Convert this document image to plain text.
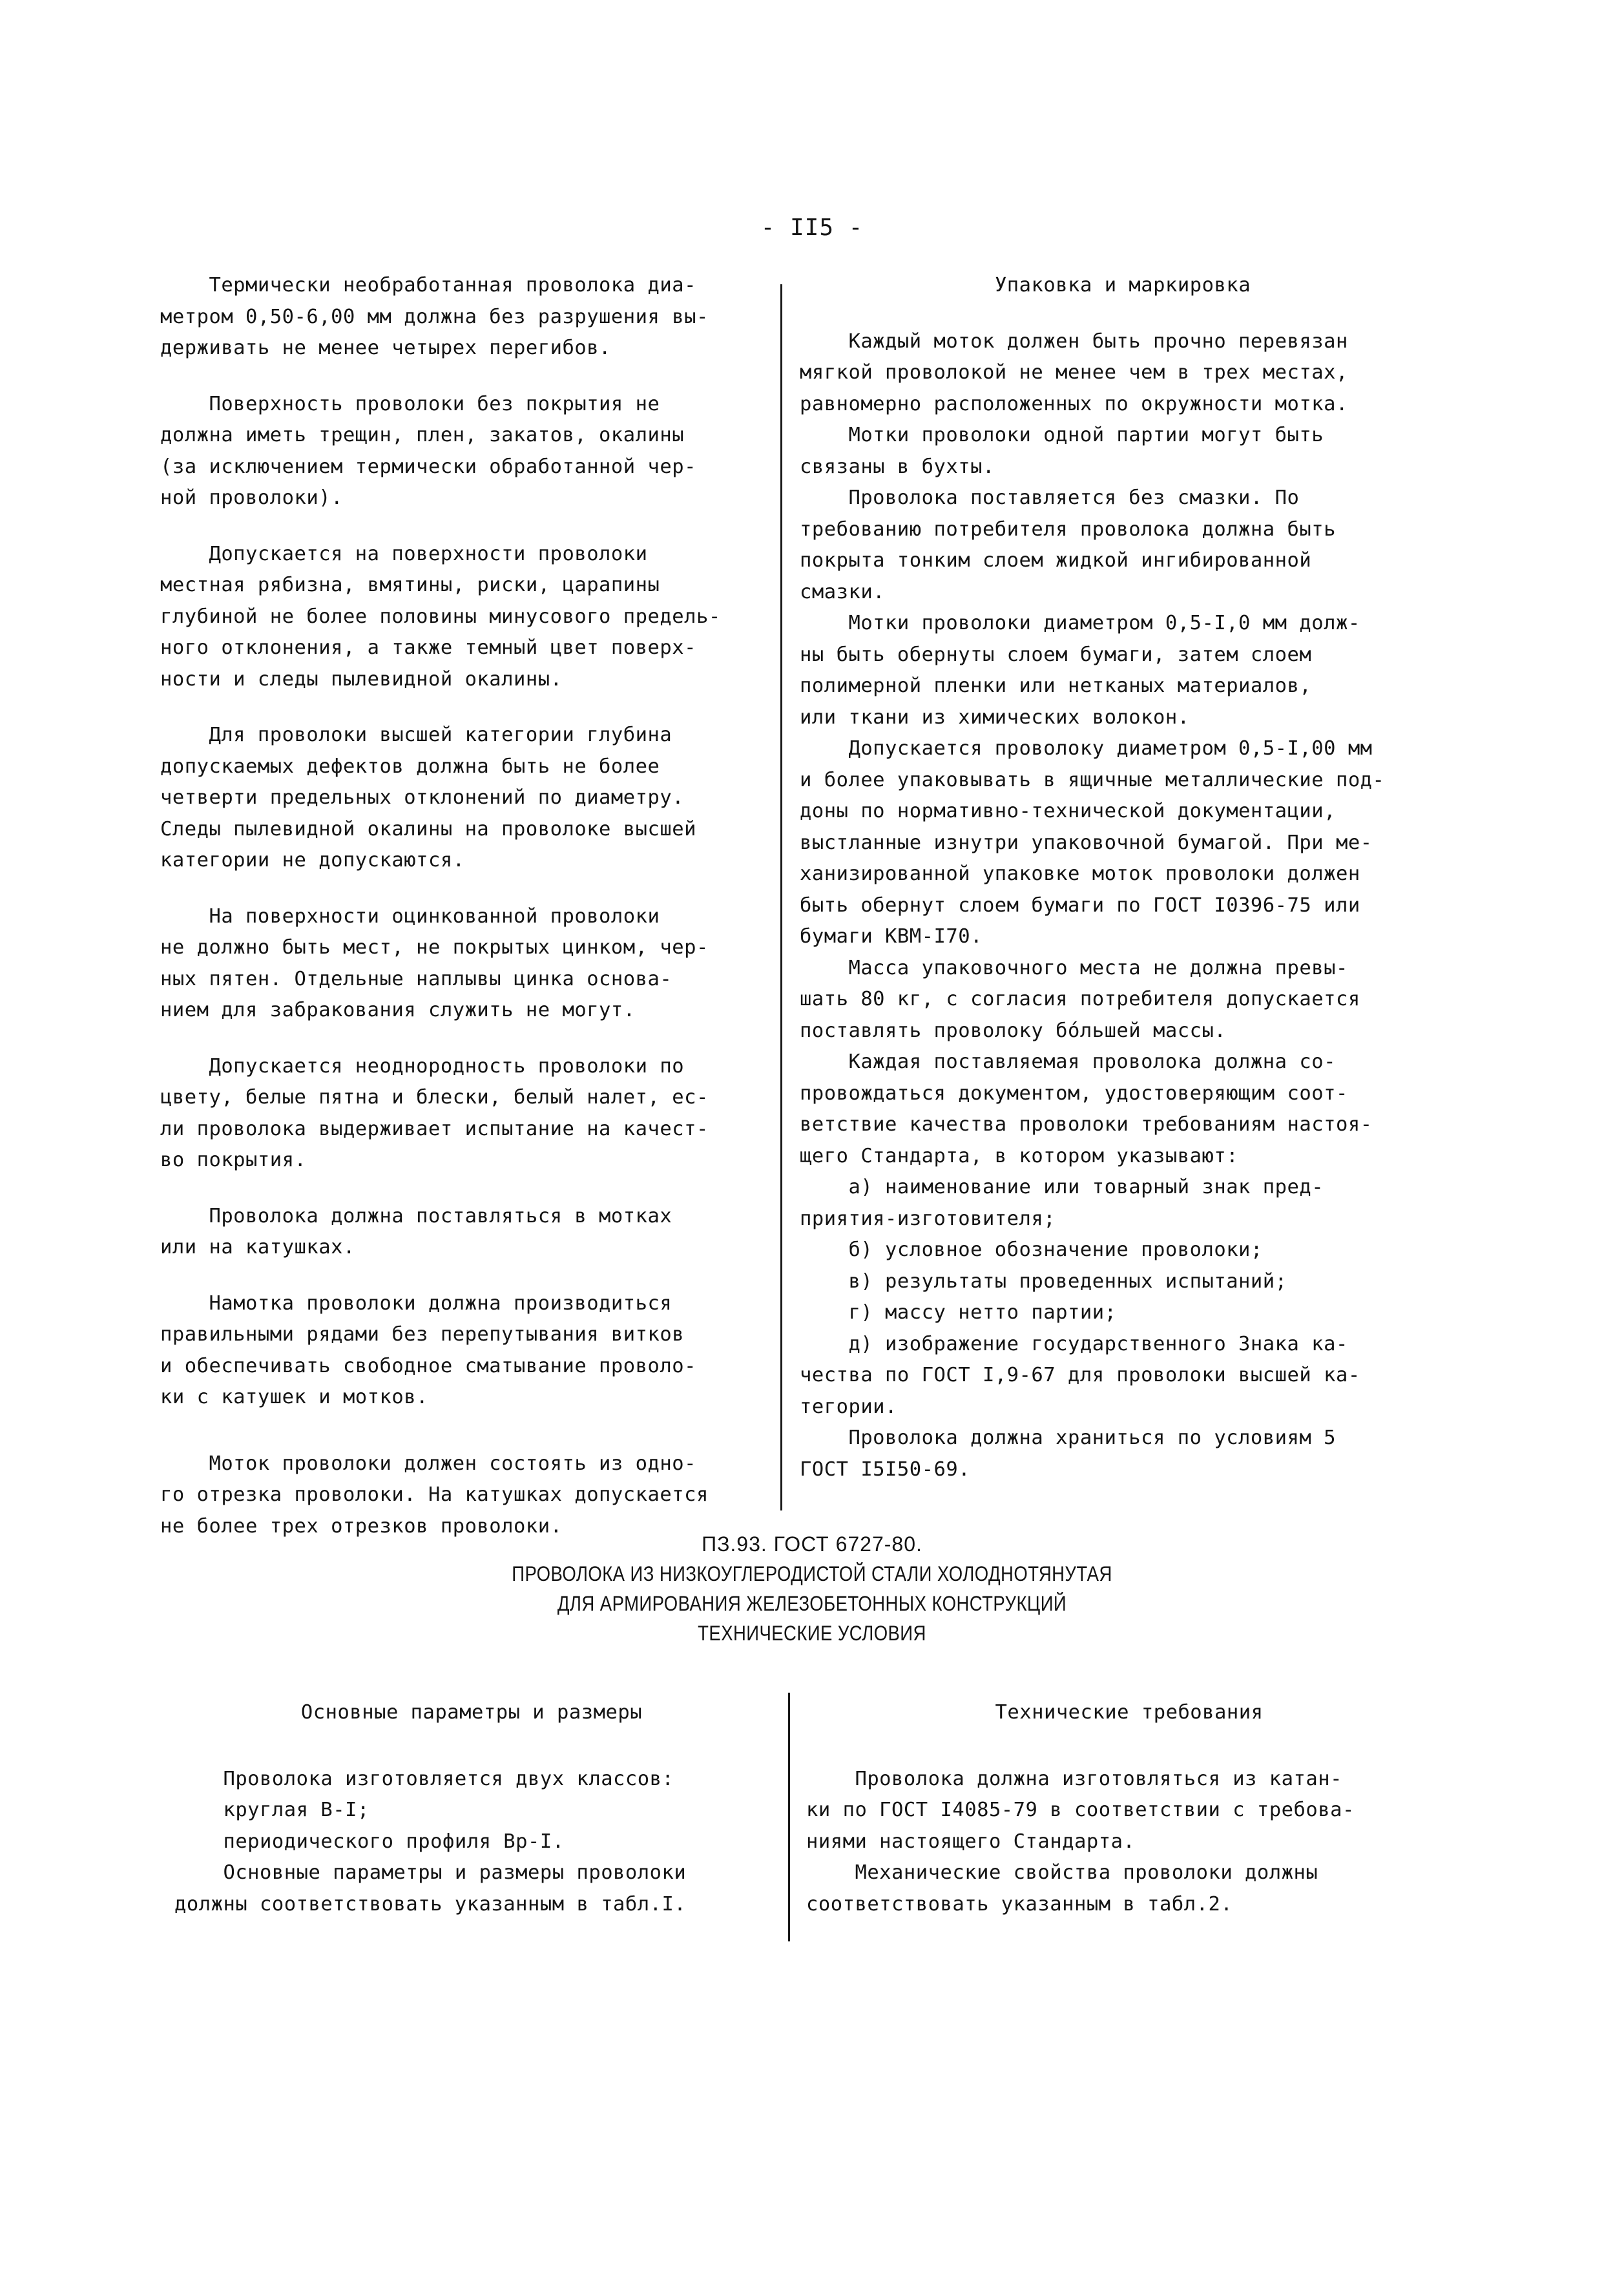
- II5 -

Термически необработанная проволока диа-

метром 0,50-6,00 мм должна без разрушения вы-

держивать не менее четырех перегибов.

Поверхность проволоки без покрытия не

должна иметь трещин, плен, закатов, окалины

(за исключением термически обработанной чер-

ной проволоки).

Допускается на поверхности проволоки

местная рябизна, вмятины, риски, царапины

глубиной не более половины минусового предель-

ного отклонения, а также темный цвет поверх-

ности и следы пылевидной окалины.

Для проволоки высшей категории глубина

допускаемых дефектов должна быть не более

четверти предельных отклонений по диаметру.

Следы пылевидной окалины на проволоке высшей

категории не допускаются.

На поверхности оцинкованной проволоки

не должно быть мест, не покрытых цинком, чер-

ных пятен. Отдельные наплывы цинка основа-

нием для забракования служить не могут.

Допускается неоднородность проволоки по

цвету, белые пятна и блески, белый налет, ес-

ли проволока выдерживает испытание на качест-

во покрытия.

Проволока должна поставляться в мотках

или на катушках.

Намотка проволоки должна производиться

правильными рядами без перепутывания витков

и обеспечивать свободное сматывание проволо-

ки с катушек и мотков.

Моток проволоки должен состоять из одно-

го отрезка проволоки. На катушках допускается

не более трех отрезков проволоки.

Упаковка и маркировка

Каждый моток должен быть прочно перевязан

мягкой проволокой не менее чем в трех местах,

равномерно расположенных по окружности мотка.

Мотки проволоки одной партии могут быть

связаны в бухты.

Проволока поставляется без смазки. По

требованию потребителя проволока должна быть

покрыта тонким слоем жидкой ингибированной

смазки.

Мотки проволоки диаметром 0,5-I,0 мм долж-

ны быть обернуты слоем бумаги, затем слоем

полимерной пленки или нетканых материалов,

или ткани из химических волокон.

Допускается проволоку диаметром 0,5-I,00 мм

и более упаковывать в ящичные металлические под-

доны по нормативно-технической документации,

выстланные изнутри упаковочной бумагой. При ме-

ханизированной упаковке моток проволоки должен

быть обернут слоем бумаги по ГОСТ I0396-75 или

бумаги КВМ-I70.

Масса упаковочного места не должна превы-

шать 80 кг, с согласия потребителя допускается

поставлять проволоку бóльшей массы.

Каждая поставляемая проволока должна со-

провождаться документом, удостоверяющим соот-

ветствие качества проволоки требованиям настоя-

щего Стандарта, в котором указывают:

а) наименование или товарный знак пред-

приятия-изготовителя;

б) условное обозначение проволоки;

в) результаты проведенных испытаний;

г) массу нетто партии;

д) изображение государственного Знака ка-

чества по ГОСТ I,9-67 для проволоки высшей ка-

тегории.

Проволока должна храниться по условиям 5

ГОСТ I5I50-69.

ПЗ.93. ГОСТ 6727-80.
ПРОВОЛОКА ИЗ НИЗКОУГЛЕРОДИСТОЙ СТАЛИ ХОЛОДНОТЯНУТАЯ
ДЛЯ АРМИРОВАНИЯ ЖЕЛЕЗОБЕТОННЫХ КОНСТРУКЦИЙ
ТЕХНИЧЕСКИЕ УСЛОВИЯ

Основные параметры и размеры

Проволока изготовляется двух классов:

круглая В-I;

периодического профиля Вр-I.

Основные параметры и размеры проволоки

должны соответствовать указанным в табл.I.

Технические требования

Проволока должна изготовляться из катан-

ки по ГОСТ I4085-79 в соответствии с требова-

ниями настоящего Стандарта.

Механические свойства проволоки должны

соответствовать указанным в табл.2.
